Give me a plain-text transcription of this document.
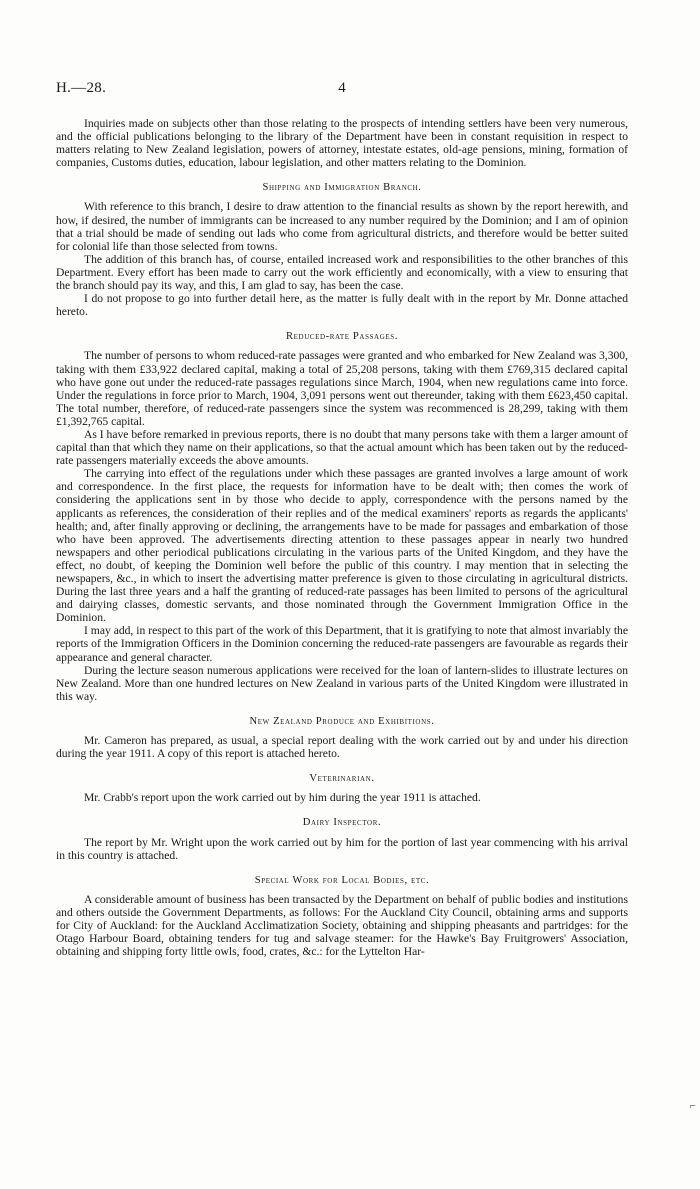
H.—28.	4

Inquiries made on subjects other than those relating to the prospects of intending settlers have been very numerous, and the official publications belonging to the library of the Department have been in constant requisition in respect to matters relating to New Zealand legislation, powers of attorney, intestate estates, old-age pensions, mining, formation of companies, Customs duties, education, labour legislation, and other matters relating to the Dominion.

Shipping and Immigration Branch.

With reference to this branch, I desire to draw attention to the financial results as shown by the report herewith, and how, if desired, the number of immigrants can be increased to any number required by the Dominion; and I am of opinion that a trial should be made of sending out lads who come from agricultural districts, and therefore would be better suited for colonial life than those selected from towns.

The addition of this branch has, of course, entailed increased work and responsibilities to the other branches of this Department. Every effort has been made to carry out the work efficiently and economically, with a view to ensuring that the branch should pay its way, and this, I am glad to say, has been the case.

I do not propose to go into further detail here, as the matter is fully dealt with in the report by Mr. Donne attached hereto.

Reduced-rate Passages.

The number of persons to whom reduced-rate passages were granted and who embarked for New Zealand was 3,300, taking with them £33,922 declared capital, making a total of 25,208 persons, taking with them £769,315 declared capital who have gone out under the reduced-rate passages regulations since March, 1904, when new regulations came into force. Under the regulations in force prior to March, 1904, 3,091 persons went out thereunder, taking with them £623,450 capital. The total number, therefore, of reduced-rate passengers since the system was recommenced is 28,299, taking with them £1,392,765 capital.

As I have before remarked in previous reports, there is no doubt that many persons take with them a larger amount of capital than that which they name on their applications, so that the actual amount which has been taken out by the reduced-rate passengers materially exceeds the above amounts.

The carrying into effect of the regulations under which these passages are granted involves a large amount of work and correspondence. In the first place, the requests for information have to be dealt with; then comes the work of considering the applications sent in by those who decide to apply, correspondence with the persons named by the applicants as references, the consideration of their replies and of the medical examiners' reports as regards the applicants' health; and, after finally approving or declining, the arrangements have to be made for passages and embarkation of those who have been approved. The advertisements directing attention to these passages appear in nearly two hundred newspapers and other periodical publications circulating in the various parts of the United Kingdom, and they have the effect, no doubt, of keeping the Dominion well before the public of this country. I may mention that in selecting the newspapers, &c., in which to insert the advertising matter preference is given to those circulating in agricultural districts. During the last three years and a half the granting of reduced-rate passages has been limited to persons of the agricultural and dairying classes, domestic servants, and those nominated through the Government Immigration Office in the Dominion.

I may add, in respect to this part of the work of this Department, that it is gratifying to note that almost invariably the reports of the Immigration Officers in the Dominion concerning the reduced-rate passengers are favourable as regards their appearance and general character.

During the lecture season numerous applications were received for the loan of lantern-slides to illustrate lectures on New Zealand. More than one hundred lectures on New Zealand in various parts of the United Kingdom were illustrated in this way.

New Zealand Produce and Exhibitions.

Mr. Cameron has prepared, as usual, a special report dealing with the work carried out by and under his direction during the year 1911. A copy of this report is attached hereto.

Veterinarian.

Mr. Crabb's report upon the work carried out by him during the year 1911 is attached.

Dairy Inspector.

The report by Mr. Wright upon the work carried out by him for the portion of last year commencing with his arrival in this country is attached.

Special Work for Local Bodies, etc.

A considerable amount of business has been transacted by the Department on behalf of public bodies and institutions and others outside the Government Departments, as follows: For the Auckland City Council, obtaining arms and supports for City of Auckland: for the Auckland Acclimatization Society, obtaining and shipping pheasants and partridges: for the Otago Harbour Board, obtaining tenders for tug and salvage steamer: for the Hawke's Bay Fruitgrowers' Association, obtaining and shipping forty little owls, food, crates, &c.: for the Lyttelton Har-

⌐
